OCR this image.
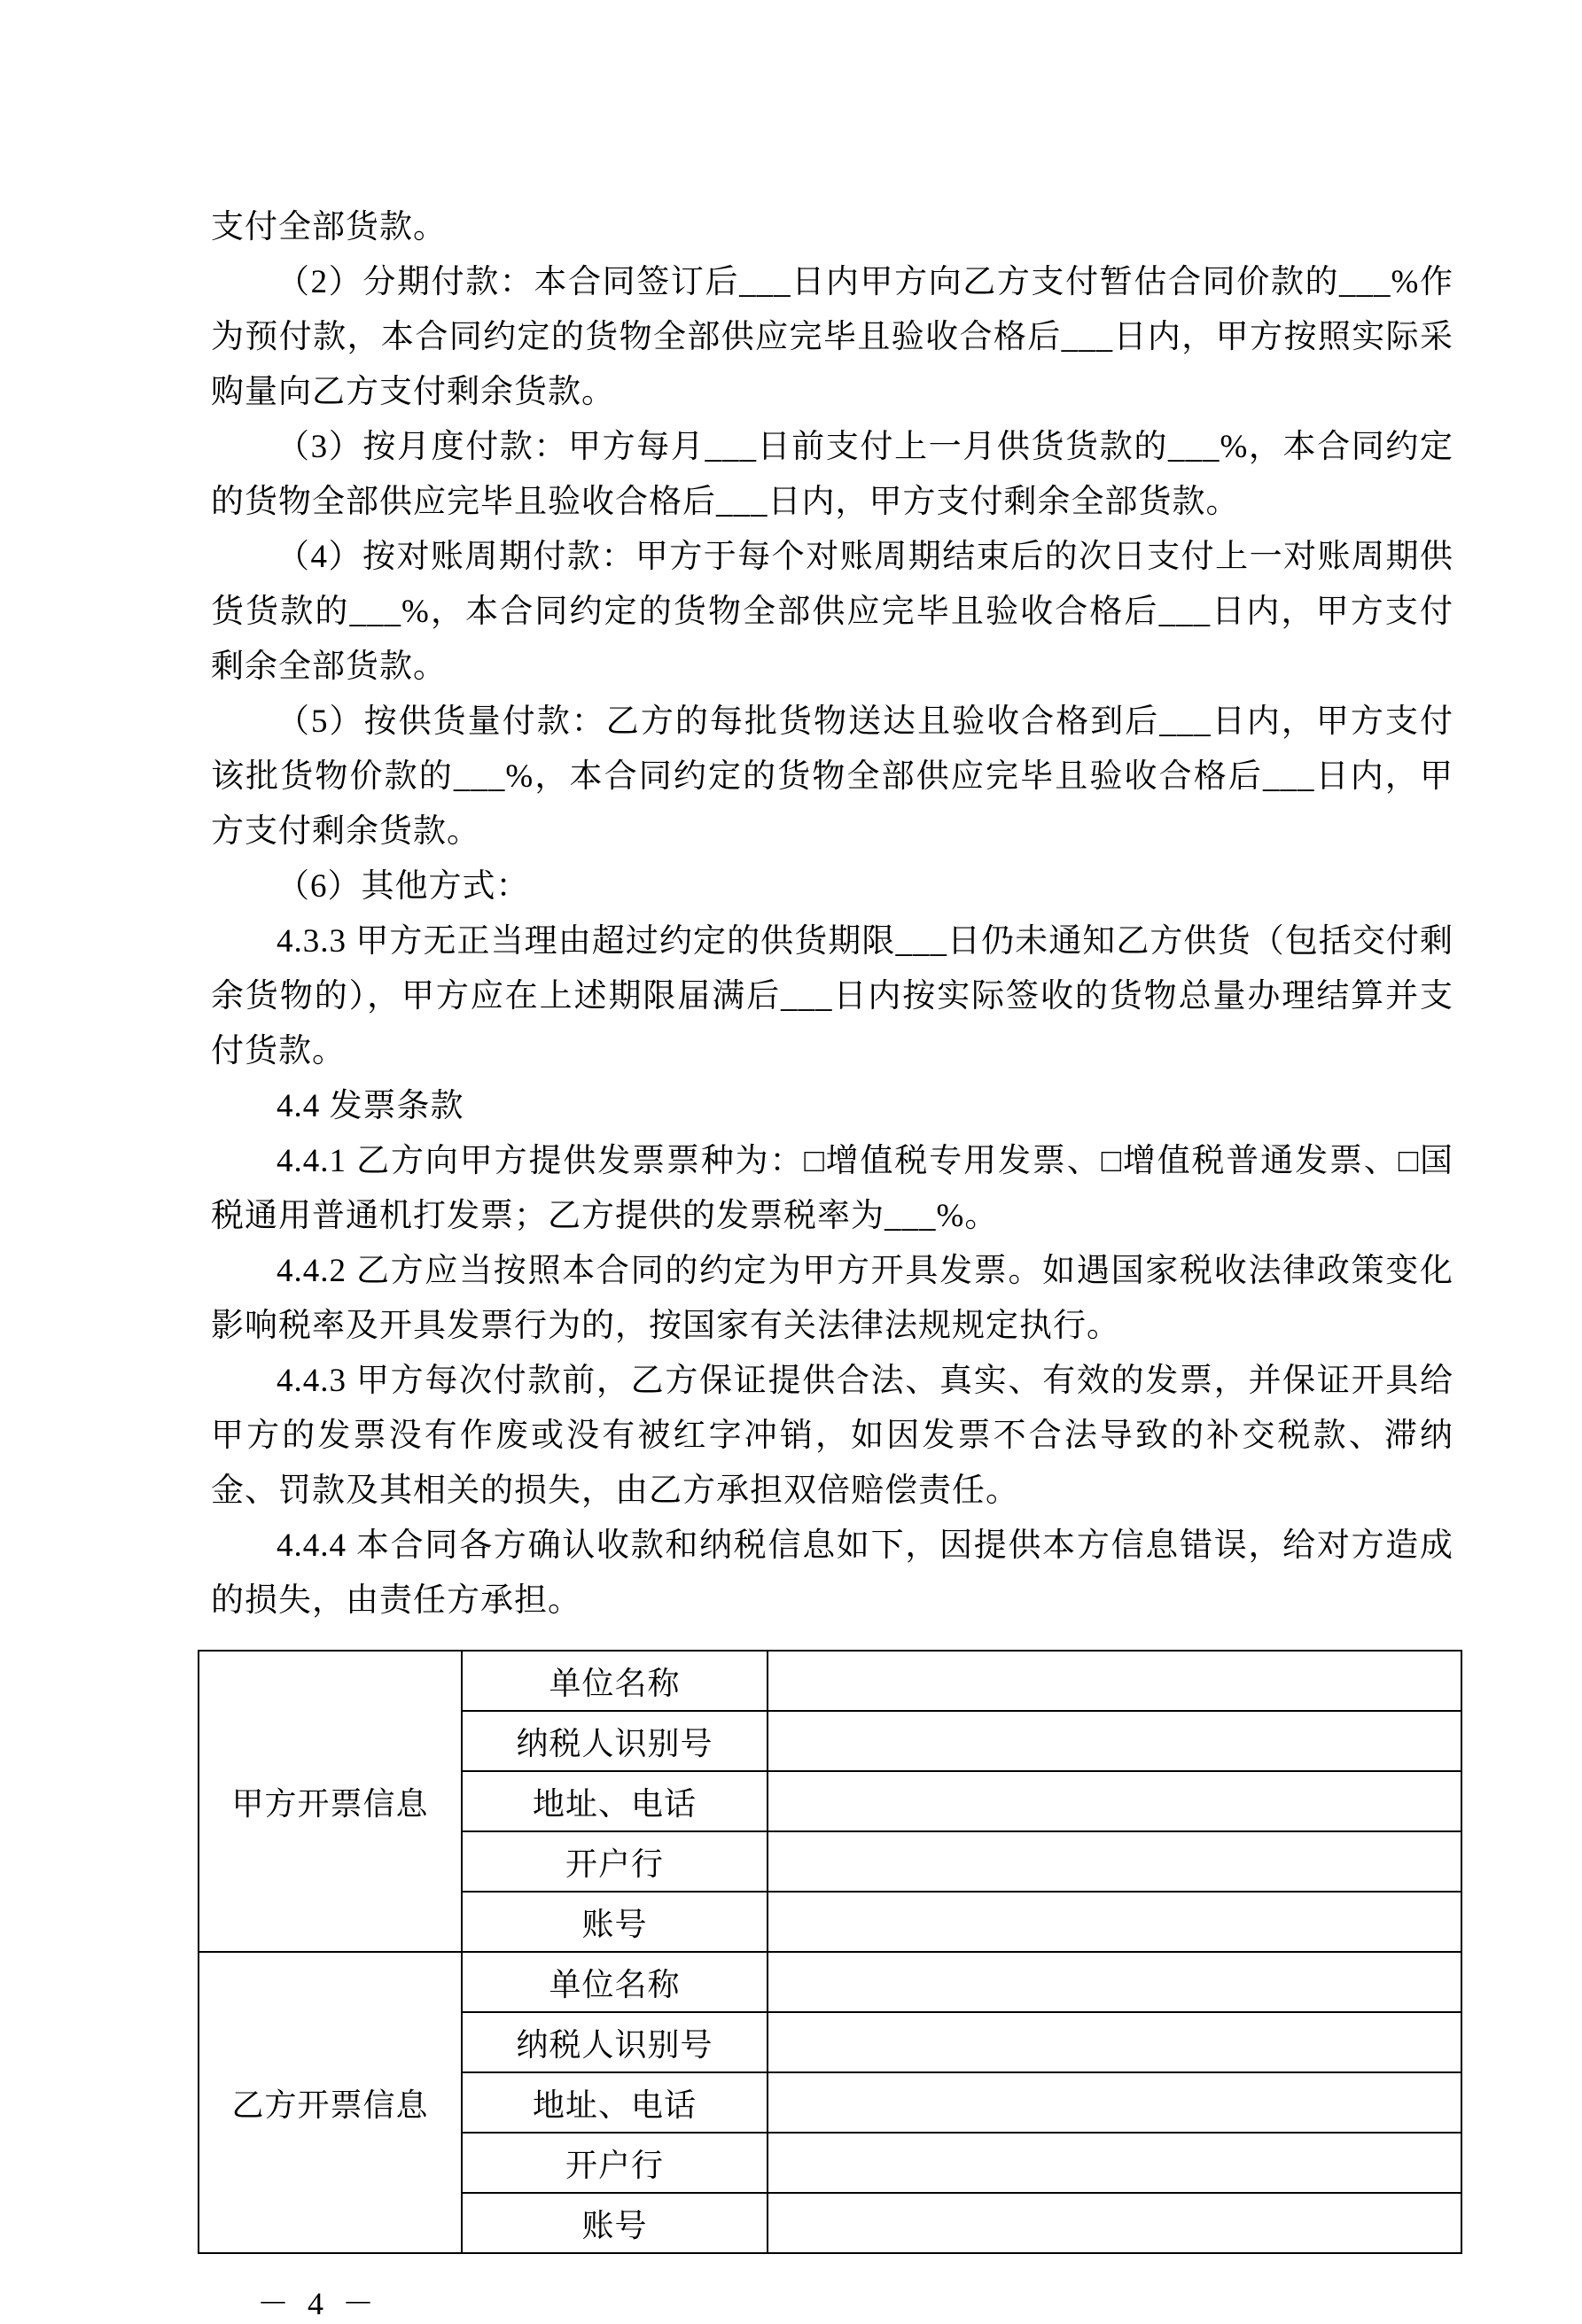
支付全部货款。

（2）分期付款：本合同签订后___日内甲方向乙方支付暂估合同价款的___%作为预付款，本合同约定的货物全部供应完毕且验收合格后___日内，甲方按照实际采购量向乙方支付剩余货款。

（3）按月度付款：甲方每月___日前支付上一月供货货款的___%，本合同约定的货物全部供应完毕且验收合格后___日内，甲方支付剩余全部货款。

（4）按对账周期付款：甲方于每个对账周期结束后的次日支付上一对账周期供货货款的___%，本合同约定的货物全部供应完毕且验收合格后___日内，甲方支付剩余全部货款。

（5）按供货量付款：乙方的每批货物送达且验收合格到后___日内，甲方支付该批货物价款的___%，本合同约定的货物全部供应完毕且验收合格后___日内，甲方支付剩余货款。

（6）其他方式：

4.3.3 甲方无正当理由超过约定的供货期限___日仍未通知乙方供货（包括交付剩余货物的），甲方应在上述期限届满后___日内按实际签收的货物总量办理结算并支付货款。

4.4 发票条款

4.4.1 乙方向甲方提供发票票种为：□增值税专用发票、□增值税普通发票、□国税通用普通机打发票；乙方提供的发票税率为___%。

4.4.2 乙方应当按照本合同的约定为甲方开具发票。如遇国家税收法律政策变化影响税率及开具发票行为的，按国家有关法律法规规定执行。

4.4.3 甲方每次付款前，乙方保证提供合法、真实、有效的发票，并保证开具给甲方的发票没有作废或没有被红字冲销，如因发票不合法导致的补交税款、滞纳金、罚款及其相关的损失，由乙方承担双倍赔偿责任。

4.4.4 本合同各方确认收款和纳税信息如下，因提供本方信息错误，给对方造成的损失，由责任方承担。

甲方开票信息	单位名称	
	纳税人识别号	
	地址、电话	
	开户行	
	账号	
乙方开票信息	单位名称	
	纳税人识别号	
	地址、电话	
	开户行	
	账号	
－ 4 －
